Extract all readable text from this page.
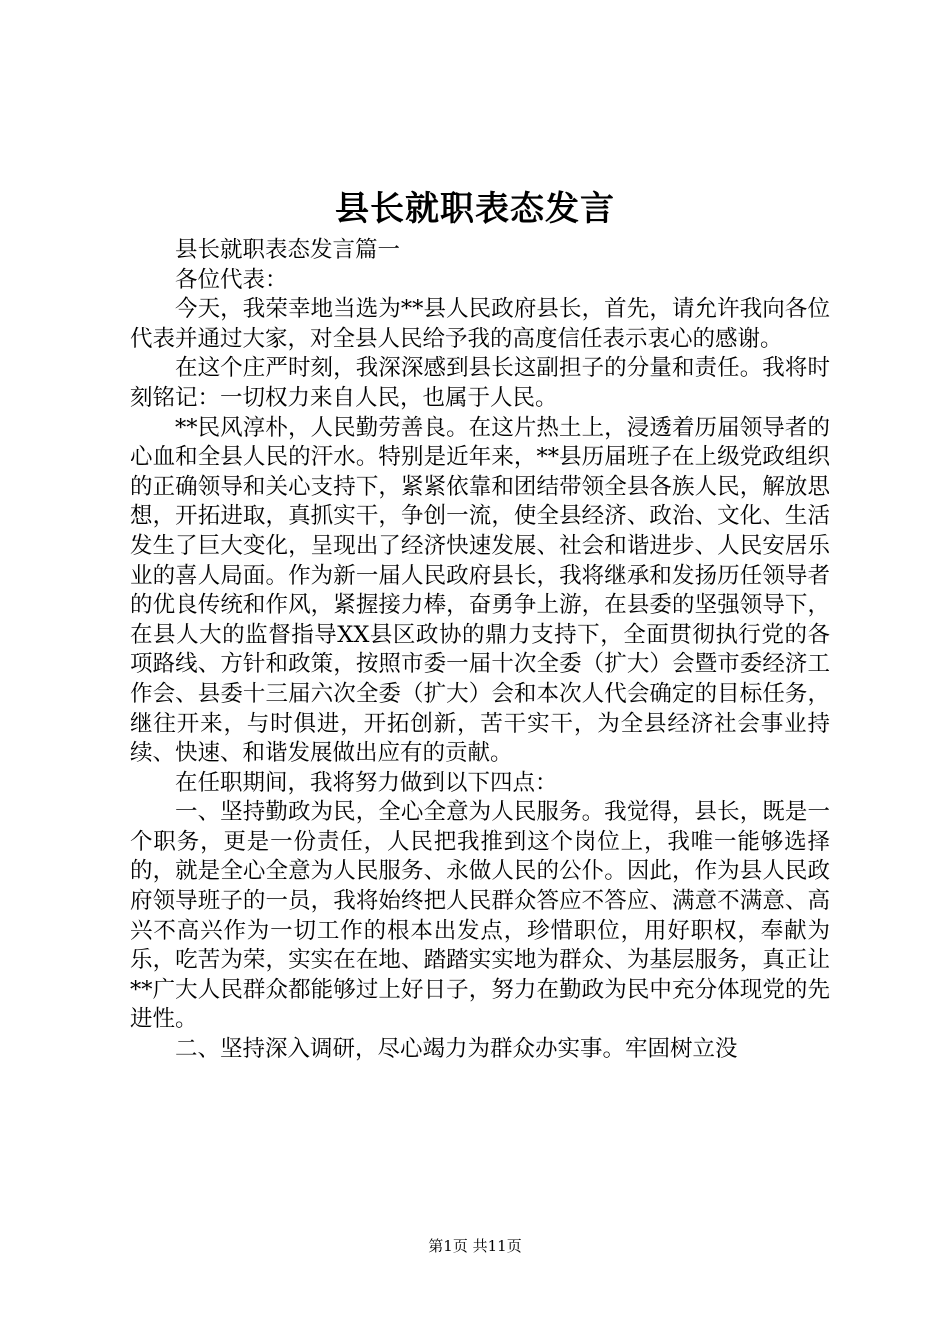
县长就职表态发言

县长就职表态发言篇一

各位代表：

今天，我荣幸地当选为**县人民政府县长，首先，请允许我向各位代表并通过大家，对全县人民给予我的高度信任表示衷心的感谢。

在这个庄严时刻，我深深感到县长这副担子的分量和责任。我将时刻铭记：一切权力来自人民，也属于人民。

**民风淳朴，人民勤劳善良。在这片热土上，浸透着历届领导者的心血和全县人民的汗水。特别是近年来，**县历届班子在上级党政组织的正确领导和关心支持下，紧紧依靠和团结带领全县各族人民，解放思想，开拓进取，真抓实干，争创一流，使全县经济、政治、文化、生活发生了巨大变化，呈现出了经济快速发展、社会和谐进步、人民安居乐业的喜人局面。作为新一届人民政府县长，我将继承和发扬历任领导者的优良传统和作风，紧握接力棒，奋勇争上游，在县委的坚强领导下，在县人大的监督指导XX县区政协的鼎力支持下，全面贯彻执行党的各项路线、方针和政策，按照市委一届十次全委（扩大）会暨市委经济工作会、县委十三届六次全委（扩大）会和本次人代会确定的目标任务，继往开来，与时俱进，开拓创新，苦干实干，为全县经济社会事业持续、快速、和谐发展做出应有的贡献。

在任职期间，我将努力做到以下四点：

一、坚持勤政为民，全心全意为人民服务。我觉得，县长，既是一个职务，更是一份责任，人民把我推到这个岗位上，我唯一能够选择的，就是全心全意为人民服务、永做人民的公仆。因此，作为县人民政府领导班子的一员，我将始终把人民群众答应不答应、满意不满意、高兴不高兴作为一切工作的根本出发点，珍惜职位，用好职权，奉献为乐，吃苦为荣，实实在在地、踏踏实实地为群众、为基层服务，真正让**广大人民群众都能够过上好日子，努力在勤政为民中充分体现党的先进性。

二、坚持深入调研，尽心竭力为群众办实事。牢固树立没

第1页 共11页
